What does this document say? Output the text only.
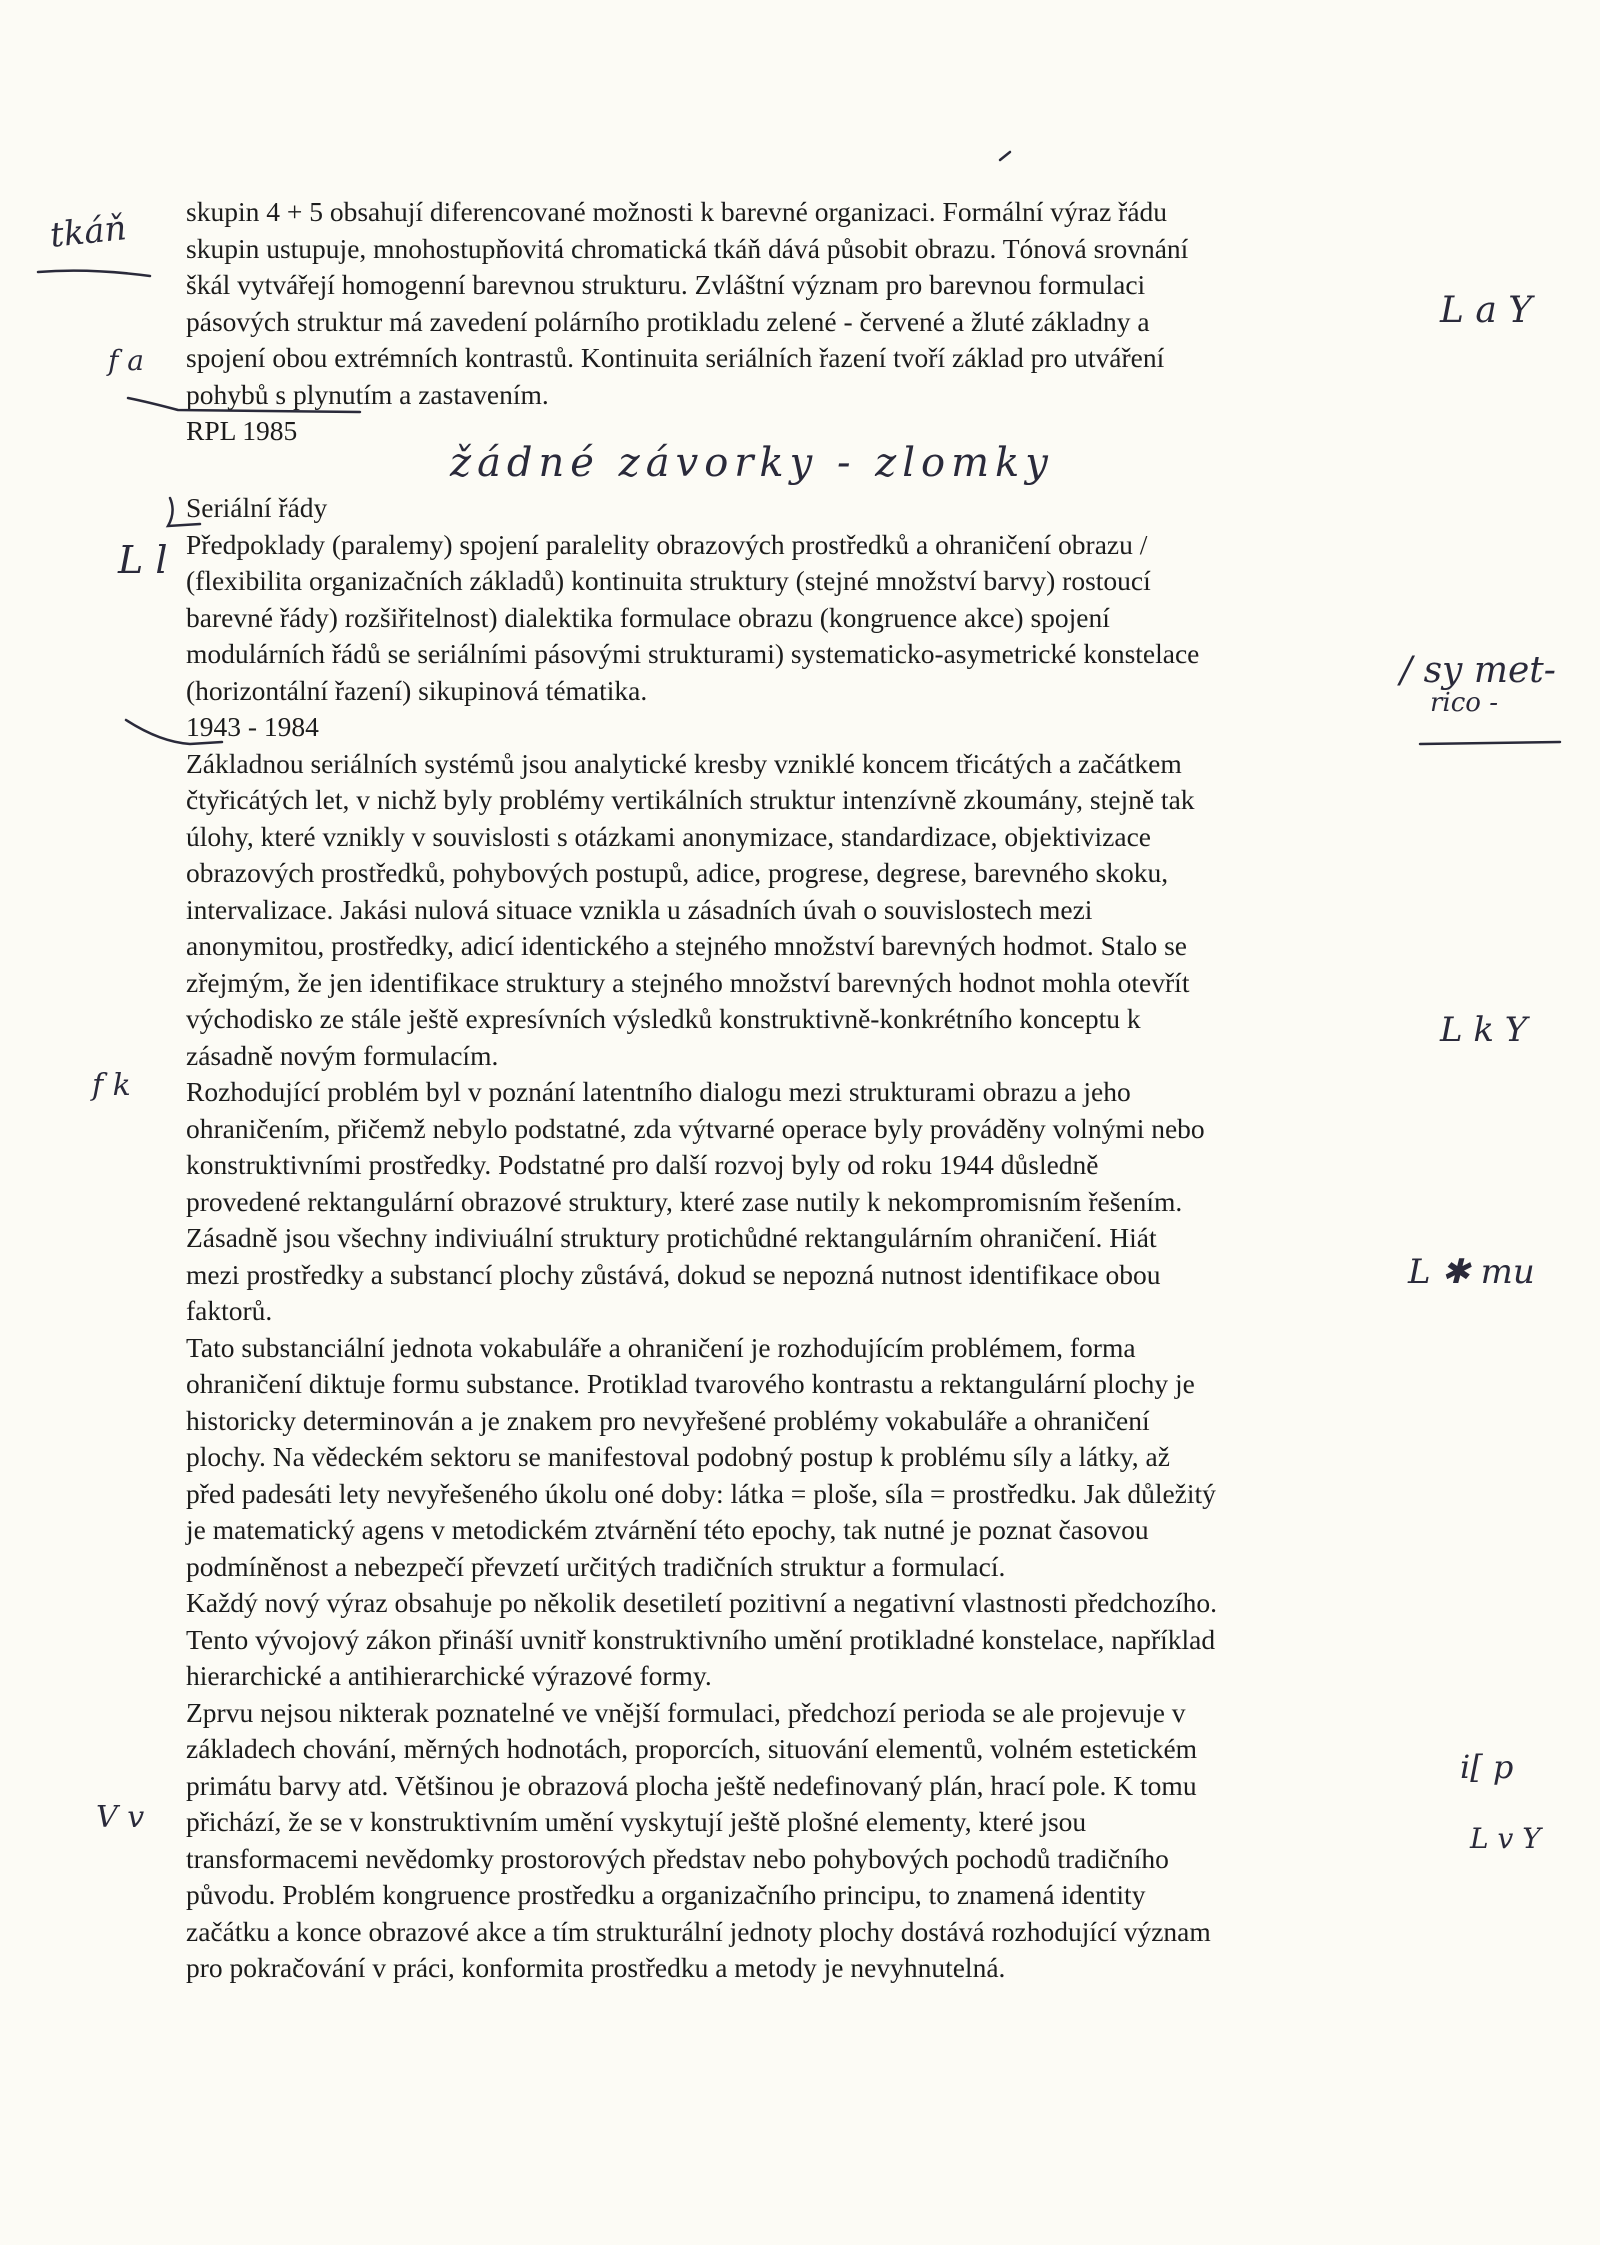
skupin 4 + 5 obsahují diferencované možnosti k barevné organizaci. Formální výraz řádu
skupin ustupuje, mnohostupňovitá chromatická tkáň dává působit obrazu. Tónová srovnání
škál vytvářejí homogenní barevnou strukturu. Zvláštní význam pro barevnou formulaci
pásových struktur má zavedení polárního protikladu zelené - červené a žluté základny a
spojení obou extrémních kontrastů. Kontinuita seriálních řazení tvoří základ pro utváření
pohybů s plynutím a zastavením.
RPL 1985
Seriální řády
Předpoklady (paralemy) spojení paralelity obrazových prostředků a ohraničení obrazu /
(flexibilita organizačních základů) kontinuita struktury (stejné množství barvy) rostoucí
barevné řády) rozšiřitelnost) dialektika formulace obrazu (kongruence akce) spojení
modulárních řádů se seriálními pásovými strukturami) systematicko-asymetrické konstelace
(horizontální řazení) sikupinová tématika.
1943 - 1984
Základnou seriálních systémů jsou analytické kresby vzniklé koncem třicátých a začátkem
čtyřicátých let, v nichž byly problémy vertikálních struktur intenzívně zkoumány, stejně tak
úlohy, které vznikly v souvislosti s otázkami anonymizace, standardizace, objektivizace
obrazových prostředků, pohybových postupů, adice, progrese, degrese, barevného skoku,
intervalizace. Jakási nulová situace vznikla u zásadních úvah o souvislostech mezi
anonymitou, prostředky, adicí identického a stejného množství barevných hodmot. Stalo se
zřejmým, že jen identifikace struktury a stejného množství barevných hodnot mohla otevřít
východisko ze stále ještě expresívních výsledků konstruktivně-konkrétního konceptu k
zásadně novým formulacím.
Rozhodující problém byl v poznání latentního dialogu mezi strukturami obrazu a jeho
ohraničením, přičemž nebylo podstatné, zda výtvarné operace byly prováděny volnými nebo
konstruktivními prostředky. Podstatné pro další rozvoj byly od roku 1944 důsledně
provedené rektangulární obrazové struktury, které zase nutily k nekompromisním řešením.
Zásadně jsou všechny indiviuální struktury protichůdné rektangulárním ohraničení. Hiát
mezi prostředky a substancí plochy zůstává, dokud se nepozná nutnost identifikace obou
faktorů.
Tato substanciální jednota vokabuláře a ohraničení je rozhodujícím problémem, forma
ohraničení diktuje formu substance. Protiklad tvarového kontrastu a rektangulární plochy je
historicky determinován a je znakem pro nevyřešené problémy vokabuláře a ohraničení
plochy. Na vědeckém sektoru se manifestoval podobný postup k problému síly a látky, až
před padesáti lety nevyřešeného úkolu oné doby: látka = ploše, síla = prostředku. Jak důležitý
je matematický agens v metodickém ztvárnění této epochy, tak nutné je poznat časovou
podmíněnost a nebezpečí převzetí určitých tradičních struktur a formulací.
Každý nový výraz obsahuje po několik desetiletí pozitivní a negativní vlastnosti předchozího.
Tento vývojový zákon přináší uvnitř konstruktivního umění protikladné konstelace, například
hierarchické a antihierarchické výrazové formy.
Zprvu nejsou nikterak poznatelné ve vnější formulaci, předchozí perioda se ale projevuje v
základech chování, měrných hodnotách, proporcích, situování elementů, volném estetickém
primátu barvy atd. Většinou je obrazová plocha ještě nedefinovaný plán, hrací pole. K tomu
přichází, že se v konstruktivním umění vyskytují ještě plošné elementy, které jsou
transformacemi nevědomky prostorových představ nebo pohybových pochodů tradičního
původu. Problém kongruence prostředku a organizačního principu, to znamená identity
začátku a konce obrazové akce a tím strukturální jednoty plochy dostává rozhodující význam
pro pokračování v práci, konformita prostředku a metody je nevyhnutelná.
tkáň
f a
L l
f k
V v
žádné závorky - zlomky
L a Y
/ sy met-
rico -
L k Y
L ✱ mu
i[ p
L v Y
